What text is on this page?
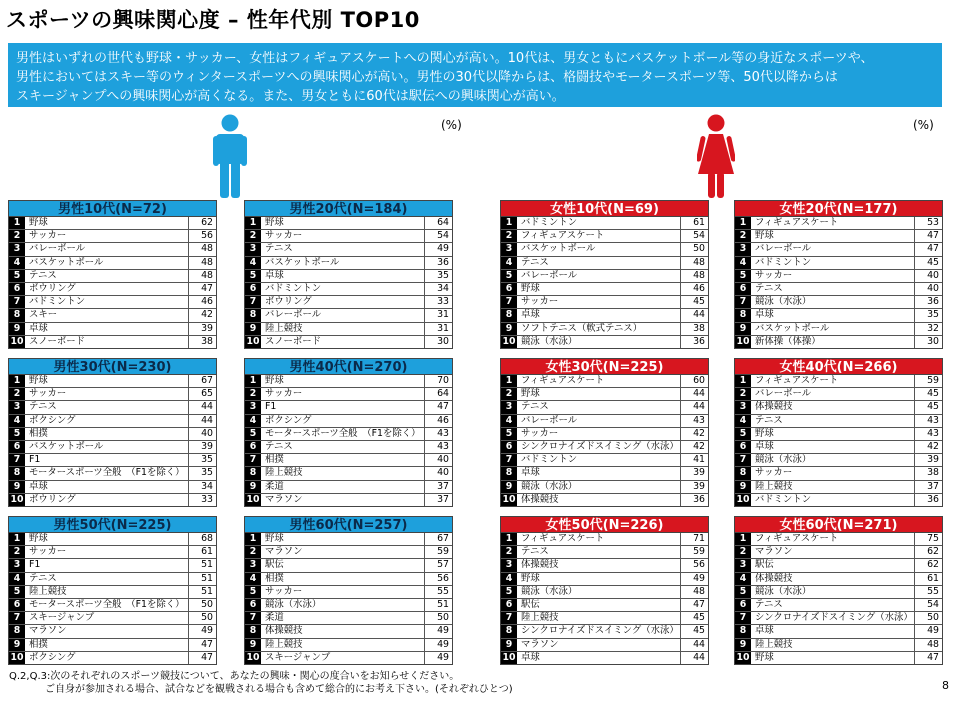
スポーツの興味関心度 – 性年代別 TOP10
男性はいずれの世代も野球・サッカー、女性はフィギュアスケートへの関心が高い。10代は、男女ともにバスケットボール等の身近なスポーツや、
男性においてはスキー等のウィンタースポーツへの興味関心が高い。男性の30代以降からは、格闘技やモータースポーツ等、50代以降からは
スキージャンプへの興味関心が高くなる。また、男女ともに60代は駅伝への興味関心が高い。
(%)	(%)
男性10代(N=72)
1 野球	62
2 サッカー	56
3 バレーボール	48
4 バスケットボール	48
5 テニス	48
6 ボウリング	47
7 バドミントン	46
8 スキー	42
9 卓球	39
10 スノーボード	38
男性20代(N=184)
1 野球	64
2 サッカー	54
3 テニス	49
4 バスケットボール	36
5 卓球	35
6 バドミントン	34
7 ボウリング	33
8 バレーボール	31
9 陸上競技	31
10 スノーボード	30
女性10代(N=69)
1 バドミントン	61
2 フィギュアスケート	54
3 バスケットボール	50
4 テニス	48
5 バレーボール	48
6 野球	46
7 サッカー	45
8 卓球	44
9 ソフトテニス（軟式テニス）	38
10 競泳（水泳）	36
女性20代(N=177)
1 フィギュアスケート	53
2 野球	47
3 バレーボール	47
4 バドミントン	45
5 サッカー	40
6 テニス	40
7 競泳（水泳）	36
8 卓球	35
9 バスケットボール	32
10 新体操（体操）	30
男性30代(N=230)
1 野球	67
2 サッカー	65
3 テニス	44
4 ボクシング	44
5 相撲	40
6 バスケットボール	39
7 F1	35
8 モータースポーツ全般　（F1を除く）	35
9 卓球	34
10 ボウリング	33
男性40代(N=270)
1 野球	70
2 サッカー	64
3 F1	47
4 ボクシング	46
5 モータースポーツ全般　（F1を除く）	43
6 テニス	43
7 相撲	40
8 陸上競技	40
9 柔道	37
10 マラソン	37
女性30代(N=225)
1 フィギュアスケート	60
2 野球	44
3 テニス	44
4 バレーボール	43
5 サッカー	42
6 シンクロナイズドスイミング（水泳）	42
7 バドミントン	41
8 卓球	39
9 競泳（水泳）	39
10 体操競技	36
女性40代(N=266)
1 フィギュアスケート	59
2 バレーボール	45
3 体操競技	45
4 テニス	43
5 野球	43
6 卓球	42
7 競泳（水泳）	39
8 サッカー	38
9 陸上競技	37
10 バドミントン	36
男性50代(N=225)
1 野球	68
2 サッカー	61
3 F1	51
4 テニス	51
5 陸上競技	51
6 モータースポーツ全般　（F1を除く）	50
7 スキージャンプ	50
8 マラソン	49
9 相撲	47
10 ボクシング	47
男性60代(N=257)
1 野球	67
2 マラソン	59
3 駅伝	57
4 相撲	56
5 サッカー	55
6 競泳（水泳）	51
7 柔道	50
8 体操競技	49
9 陸上競技	49
10 スキージャンプ	49
女性50代(N=226)
1 フィギュアスケート	71
2 テニス	59
3 体操競技	56
4 野球	49
5 競泳（水泳）	48
6 駅伝	47
7 陸上競技	45
8 シンクロナイズドスイミング（水泳）	45
9 マラソン	44
10 卓球	44
女性60代(N=271)
1 フィギュアスケート	75
2 マラソン	62
3 駅伝	62
4 体操競技	61
5 競泳（水泳）	55
6 テニス	54
7 シンクロナイズドスイミング（水泳）	50
8 卓球	49
9 陸上競技	48
10 野球	47
Q.2,Q.3:次のそれぞれのスポーツ競技について、あなたの興味・関心の度合いをお知らせください。
ご自身が参加される場合、試合などを観戦される場合も含めて総合的にお考え下さい。(それぞれひとつ)	8
